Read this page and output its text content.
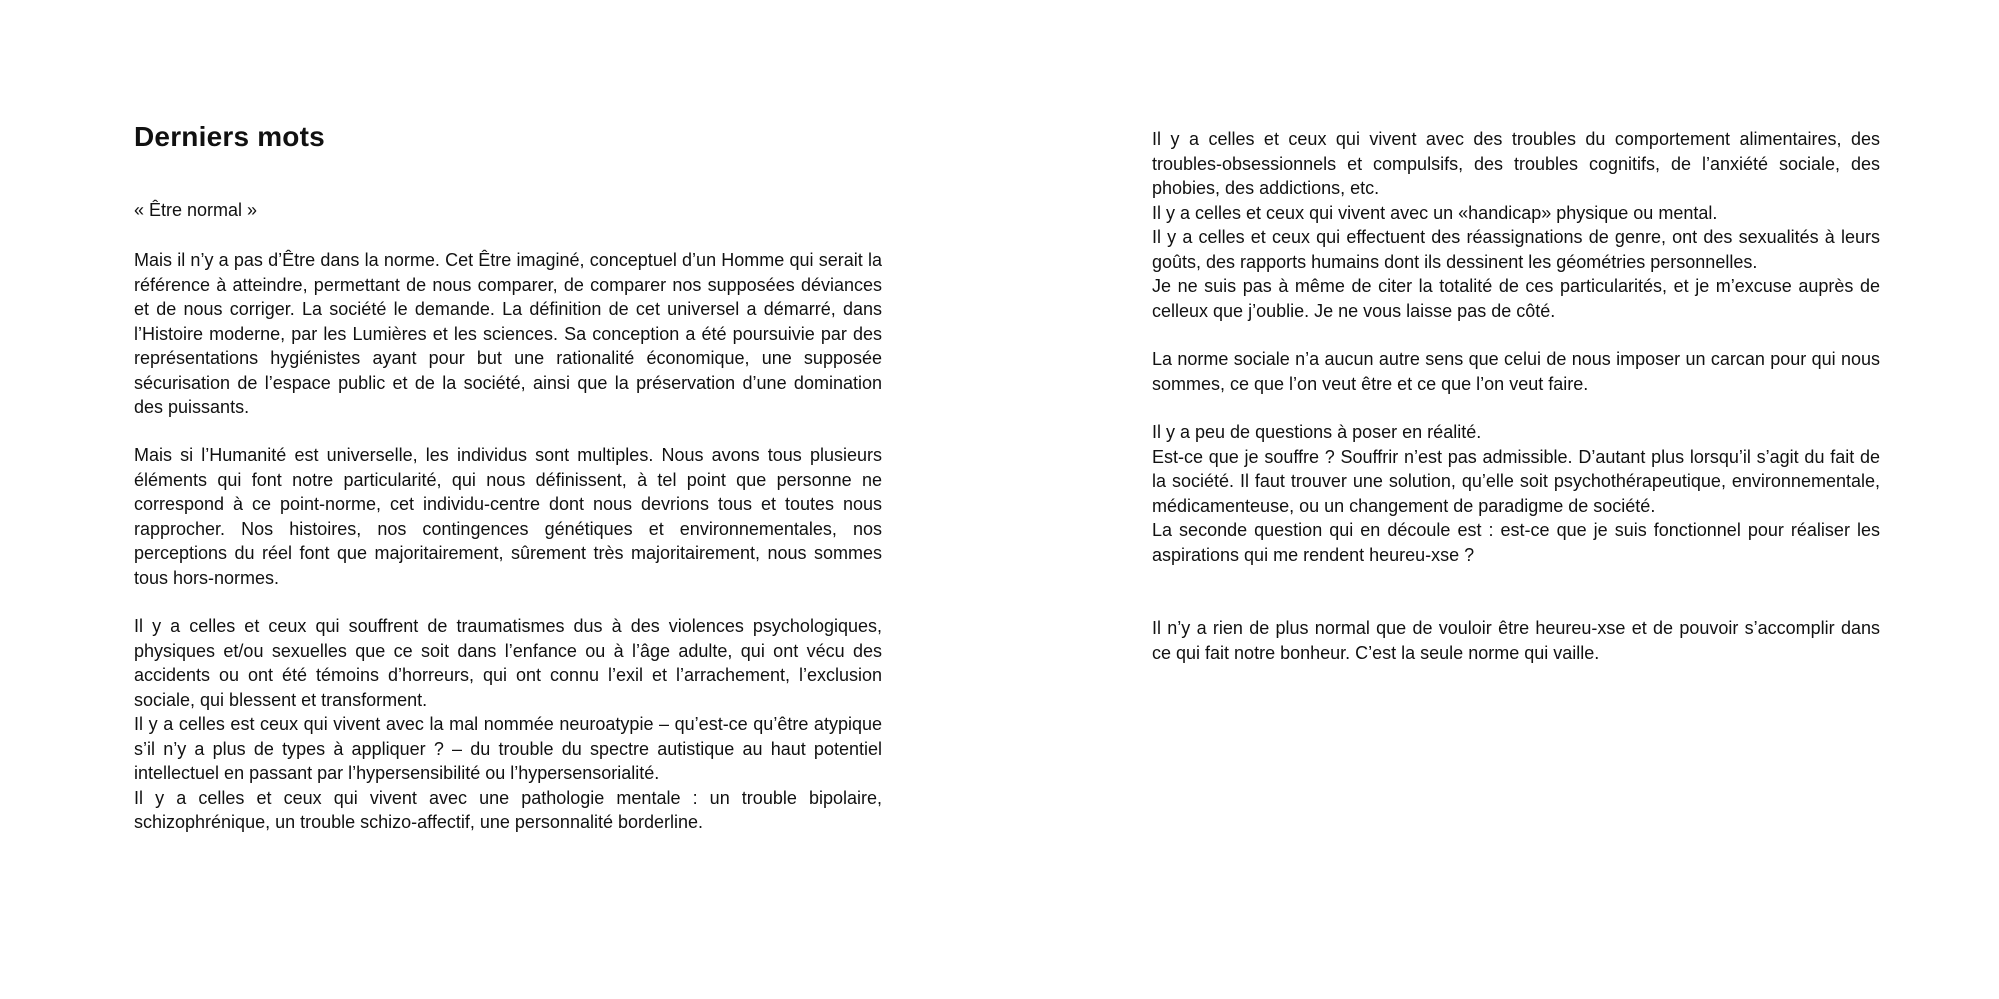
Derniers mots

« Être normal »

Mais il n’y a pas d’Être dans la norme. Cet Être imaginé, conceptuel d’un Homme qui serait la référence à atteindre, permettant de nous comparer, de comparer nos supposées déviances et de nous corriger. La société le demande. La définition de cet universel a démarré, dans l’Histoire moderne, par les Lumières et les sciences. Sa conception a été poursuivie par des représentations hygiénistes ayant pour but une rationalité économique, une supposée sécurisation de l’espace public et de la société, ainsi que la préservation d’une domination des puissants.

Mais si l’Humanité est universelle, les individus sont multiples. Nous avons tous plusieurs éléments qui font notre particularité, qui nous définissent, à tel point que personne ne correspond à ce point-norme, cet individu-centre dont nous devrions tous et toutes nous rapprocher. Nos histoires, nos contingences génétiques et environnementales, nos perceptions du réel font que majoritairement, sûrement très majoritairement, nous sommes tous hors-normes.

Il y a celles et ceux qui souffrent de traumatismes dus à des violences psychologiques, physiques et/ou sexuelles que ce soit dans l’enfance ou à l’âge adulte, qui ont vécu des accidents ou ont été témoins d’horreurs, qui ont connu l’exil et l’arrachement, l’exclusion sociale, qui blessent et transforment.

Il y a celles est ceux qui vivent avec la mal nommée neuroatypie – qu’est-ce qu’être atypique s’il n’y a plus de types à appliquer ? – du trouble du spectre autistique au haut potentiel intellectuel en passant par l’hypersensibilité ou l’hypersensorialité.

Il y a celles et ceux qui vivent avec une pathologie mentale : un trouble bipolaire, schizophrénique, un trouble schizo-affectif, une personnalité borderline.

Il y a celles et ceux qui vivent avec des troubles du comportement alimentaires, des troubles-obsessionnels et compulsifs, des troubles cognitifs, de l’anxiété sociale, des phobies, des addictions, etc.

Il y a celles et ceux qui vivent avec un «handicap» physique ou mental.

Il y a celles et ceux qui effectuent des réassignations de genre, ont des sexualités à leurs goûts, des rapports humains dont ils dessinent les géométries personnelles.

Je ne suis pas à même de citer la totalité de ces particularités, et je m’excuse auprès de celleux que j’oublie. Je ne vous laisse pas de côté.

La norme sociale n’a aucun autre sens que celui de nous imposer un carcan pour qui nous sommes, ce que l’on veut être et ce que l’on veut faire.

Il y a peu de questions à poser en réalité.

Est-ce que je souffre ? Souffrir n’est pas admissible. D’autant plus lorsqu’il s’agit du fait de la société. Il faut trouver une solution, qu’elle soit psychothérapeutique, environnementale, médicamenteuse, ou un changement de paradigme de société.

La seconde question qui en découle est : est-ce que je suis fonctionnel pour réaliser les aspirations qui me rendent heureu-xse ?

Il n’y a rien de plus normal que de vouloir être heureu-xse et de pouvoir s’accomplir dans ce qui fait notre bonheur. C’est la seule norme qui vaille.
